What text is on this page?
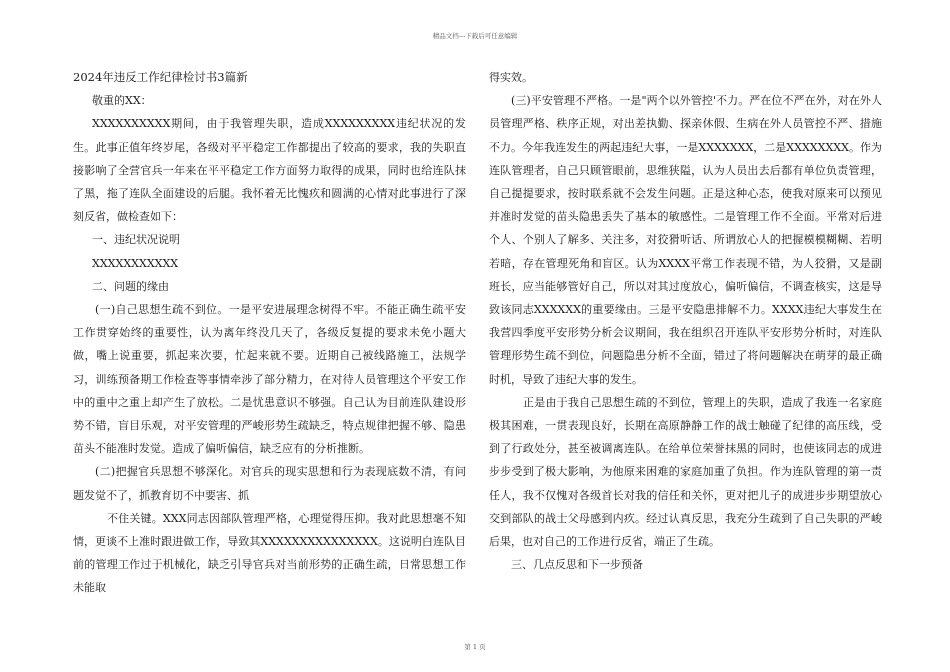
精品文档---下载后可任意编辑

2024年违反工作纪律检讨书3篇新

敬重的XX：

XXXXXXXXXX期间，由于我管理失职，造成XXXXXXXXX违纪状况的发生。此事正值年终岁尾，各级对平平稳定工作都提出了较高的要求，我的失职直接影响了全营官兵一年来在平平稳定工作方面努力取得的成果，同时也给连队抹了黑，拖了连队全面建设的后腿。我怀着无比愧疚和圆满的心情对此事进行了深刻反省，做检查如下：

一、违纪状况说明

XXXXXXXXXXX

二、问题的缘由

(一)自己思想生疏不到位。一是平安进展理念树得不牢。不能正确生疏平安工作贯穿始终的重要性，认为离年终没几天了，各级反复提的要求未免小题大做，嘴上说重要，抓起来次要，忙起来就不要。近期自己被线路施工，法规学习，训练预备期工作检查等事情牵涉了部分精力，在对待人员管理这个平安工作中的重中之重上却产生了放松。二是忧患意识不够强。自己认为目前连队建设形势不错，盲目乐观，对平安管理的严峻形势生疏缺乏，特点规律把握不够、隐患苗头不能准时发觉。造成了偏听偏信，缺乏应有的分析推断。

(二)把握官兵思想不够深化。对官兵的现实思想和行为表现底数不清，有问题发觉不了，抓教育切不中要害、抓

不住关键。XXX同志因部队管理严格，心理觉得压抑。我对此思想毫不知情，更谈不上准时跟进做工作，导致其XXXXXXXXXXXXXXX。这说明白连队目前的管理工作过于机械化，缺乏引导官兵对当前形势的正确生疏，日常思想工作未能取

得实效。

(三)平安管理不严格。一是"两个以外管控'不力。严在位不严在外，对在外人员管理严格、秩序正规，对出差执勤、探亲休假、生病在外人员管控不严、措施不力。今年我连发生的两起违纪大事，一是XXXXXXX，二是XXXXXXXX。作为连队管理者，自己只顾管眼前，思维狭隘，认为人员出去后都有单位负责管理，自己提提要求，按时联系就不会发生问题。正是这种心态，使我对原来可以预见并准时发觉的苗头隐患丢失了基本的敏感性。二是管理工作不全面。平常对后进个人、个别人了解多、关注多，对狡猾听话、所谓放心人的把握模模糊糊、若明若暗，存在管理死角和盲区。认为XXXX平常工作表现不错，为人狡猾，又是副班长，应当能够管好自己，所以对其过度放心，偏听偏信，不调查核实，这是导致该同志XXXXXX的重要缘由。三是平安隐患排解不力。XXXX违纪大事发生在我营四季度平安形势分析会议期间，我在组织召开连队平安形势分析时，对连队管理形势生疏不到位，问题隐患分析不全面，错过了将问题解决在萌芽的最正确时机，导致了违纪大事的发生。

正是由于我自己思想生疏的不到位，管理上的失职，造成了我连一名家庭极其困难，一贯表现良好，长期在高原静静工作的战士触碰了纪律的高压线，受到了行政处分，甚至被调离连队。在给单位荣誉抹黑的同时，也使该同志的成进步步受到了极大影响，为他原来困难的家庭加重了负担。作为连队管理的第一责任人，我不仅愧对各级首长对我的信任和关怀，更对把儿子的成进步步期望放心交到部队的战士父母感到内疚。经过认真反思，我充分生疏到了自己失职的严峻后果，也对自己的工作进行反省，端正了生疏。

三、几点反思和下一步预备

第 1 页
